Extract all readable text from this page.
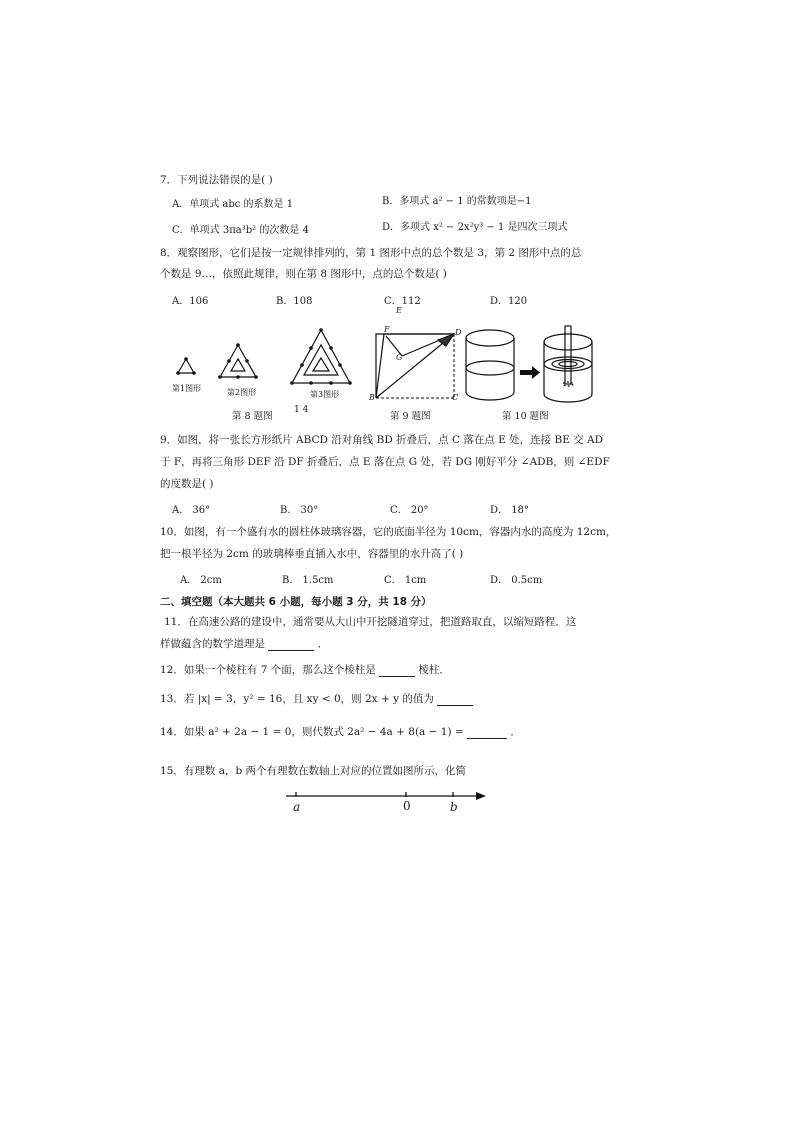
7．下列说法错误的是( )
A．单项式 abc 的系数是 1	B．多项式 a² − 1 的常数项是−1
C．单项式 3πa³b² 的次数是 4	D．多项式 x² − 2x²y³ − 1 是四次三项式
8．观察图形，它们是按一定规律排列的，第 1 图形中点的总个数是 3，第 2 图形中点的总
个数是 9…，依照此规律，则在第 8 图形中，点的总个数是( )
A．106	B．108	C．112	D．120
第1图形	第2图形	第3图形
第 8 题图
1 4
E
F	D
G
B	C
第 9 题图	第 10 题图
9．如图，将一张长方形纸片 ABCD 沿对角线 BD 折叠后，点 C 落在点 E 处，连接 BE 交 AD
于 F，再将三角形 DEF 沿 DF 折叠后，点 E 落在点 G 处，若 DG 刚好平分 ∠ADB，则 ∠EDF
的度数是( )
A． 36°	B． 30°	C． 20°	D． 18°
10．如图，有一个盛有水的圆柱体玻璃容器，它的底面半径为 10cm，容器内水的高度为 12cm，
把一根半径为 2cm 的玻璃棒垂直插入水中，容器里的水升高了( )
A． 2cm	B． 1.5cm	C． 1cm	D． 0.5cm
二、填空题（本大题共 6 小题，每小题 3 分，共 18 分）
11．在高速公路的建设中，通常要从大山中开挖隧道穿过，把道路取直，以缩短路程．这
样做蕴含的数学道理是	．
12．如果一个棱柱有 7 个面，那么这个棱柱是	棱柱．
13．若 |x| = 3，y² = 16，且 xy < 0，则 2x + y 的值为
14．如果 a² + 2a − 1 = 0，则代数式 2a² − 4a + 8(a − 1) =	．
15．有理数 a，b 两个有理数在数轴上对应的位置如图所示，化简
a	0	b
